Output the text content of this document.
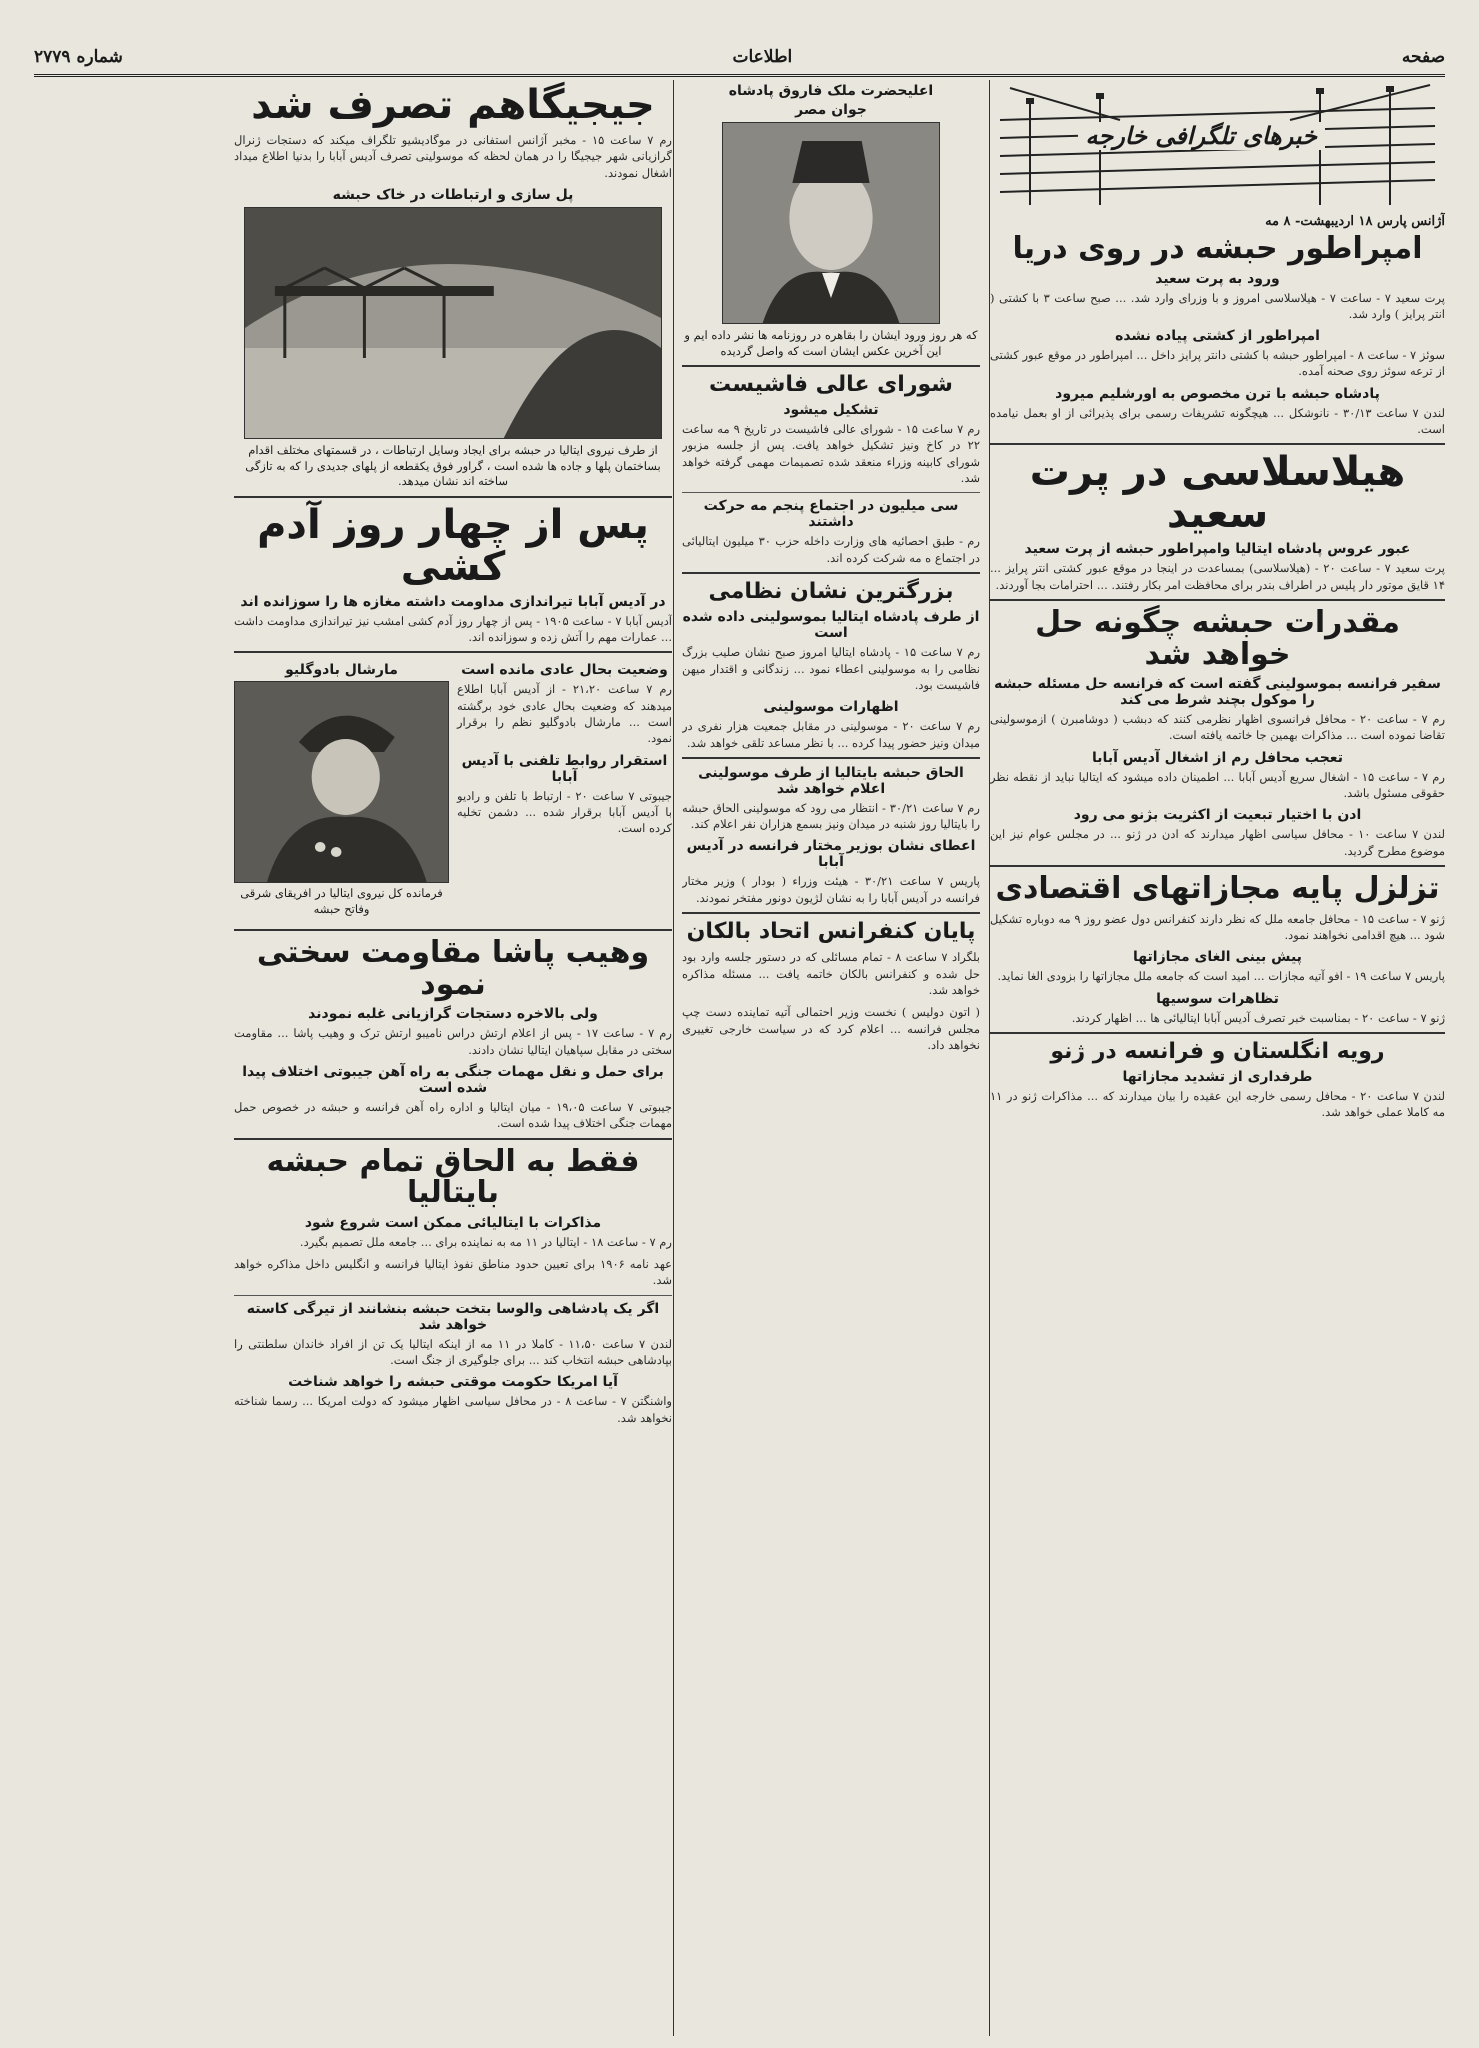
صفحه
اطلاعات
شماره ۲۷۷۹
خبرهای تلگرافی خارجه
آژانس پارس ۱۸ اردیبهشت- ۸ مه
امپراطور حبشه در روی دریا
ورود به پرت سعید
پرت سعید ۷ - ساعت ۷ - هیلاسلاسی امروز و با وزرای وارد شد. ... صبح ساعت ۳ با کشتی ( انتر پرایز ) وارد شد.
امپراطور از کشتی پیاده نشده
سوئز ۷ - ساعت ۸ - امپراطور حبشه با کشتی دانتر پرایز داخل ... امپراطور در موقع عبور کشتی از ترعه سوئز روی صحنه آمده.
پادشاه حبشه با ترن مخصوص به اورشلیم میرود
لندن ۷ ساعت ۳۰/۱۳ - نانوشکل ... هیچگونه تشریفات رسمی برای پذیرائی از او بعمل نیامده است.
هیلاسلاسی در پرت سعید
عبور عروس پادشاه ایتالیا وامپراطور حبشه از پرت سعید
پرت سعید ۷ - ساعت ۲۰ - (هیلاسلاسی) بمساعدت در اینجا در موقع عبور کشتی انتر پرایز ... ۱۴ قایق موتور دار پلیس در اطراف بندر برای محافظت امر بکار رفتند. ... احترامات بجا آوردند.
مقدرات حبشه چگونه حل خواهد شد
سفیر فرانسه بموسولینی گفته است که فرانسه حل مسئله حبشه را موکول بچند شرط می کند
رم ۷ - ساعت ۲۰ - محافل فرانسوی اظهار نظرمی کنند که دبشب ( دوشامبرن ) ازموسولینی تقاضا نموده است ... مذاکرات بهمین جا خاتمه یافته است.
تعجب محافل رم از اشغال آدیس آبابا
رم ۷ - ساعت ۱۵ - اشغال سریع آدیس آبابا ... اطمینان داده میشود که ایتالیا نباید از نقطه نظر حقوقی مسئول باشد.
ادن با اختیار تبعیت از اکثریت بژنو می رود
لندن ۷ ساعت ۱۰ - محافل سیاسی اظهار میدارند که ادن در ژنو ... در مجلس عوام نیز این موضوع مطرح گردید.
تزلزل پایه مجازاتهای اقتصادی
ژنو ۷ - ساعت ۱۵ - محافل جامعه ملل که نظر دارند کنفرانس دول عضو روز ۹ مه دوباره تشکیل شود ... هیچ اقدامی نخواهند نمود.
پیش بینی الغای مجازاتها
پاریس ۷ ساعت ۱۹ - افو آتیه مجازات ... امید است که جامعه ملل مجازاتها را بزودی الغا نماید.
تظاهرات سوسیها
ژنو ۷ - ساعت ۲۰ - بمناسبت خبر تصرف آدیس آبابا ایتالیائی ها ... اظهار کردند.
رویه انگلستان و فرانسه در ژنو
طرفداری از تشدید مجازاتها
لندن ۷ ساعت ۲۰ - محافل رسمی خارجه این عقیده را بیان میدارند که ... مذاکرات ژنو در ۱۱ مه کاملا عملی خواهد شد.
اعلیحضرت ملک فاروق پادشاه
جوان مصر
که هر روز ورود ایشان را بقاهره در روزنامه ها نشر داده ایم و این آخرین عکس ایشان است که واصل گردیده
شورای عالی فاشیست
تشکیل میشود
رم ۷ ساعت ۱۵ - شورای عالی فاشیست در تاریخ ۹ مه ساعت ۲۲ در کاخ ونیز تشکیل خواهد یافت. پس از جلسه مزبور شورای کابینه وزراء منعقد شده تصمیمات مهمی گرفته خواهد شد.
سی میلیون در اجتماع پنجم مه حرکت داشتند
رم - طبق احصائیه های وزارت داخله حزب ۳۰ میلیون ایتالیائی در اجتماع ه مه شرکت کرده اند.
بزرگترین نشان نظامی
از طرف پادشاه ایتالیا بموسولینی داده شده است
رم ۷ ساعت ۱۵ - پادشاه ایتالیا امروز صبح نشان صلیب بزرگ نظامی را به موسولینی اعطاء نمود ... زندگانی و اقتدار میهن فاشیست بود.
اظهارات موسولینی
رم ۷ ساعت ۲۰ - موسولینی در مقابل جمعیت هزار نفری در میدان ونیز حضور پیدا کرده ... با نظر مساعد تلقی خواهد شد.
الحاق حبشه بایتالیا از طرف موسولینی اعلام خواهد شد
رم ۷ ساعت ۳۰/۲۱ - انتظار می رود که موسولینی الحاق حبشه را بایتالیا روز شنبه در میدان ونیز بسمع هزاران نفر اعلام کند.
اعطای نشان بوزیر مختار فرانسه در آدیس آبابا
پاریس ۷ ساعت ۳۰/۲۱ - هیئت وزراء ( بودار ) وزیر مختار فرانسه در آدیس آبابا را به نشان لژیون دونور مفتخر نمودند.
پایان کنفرانس اتحاد بالکان
بلگراد ۷ ساعت ۸ - تمام مسائلی که در دستور جلسه وارد بود حل شده و کنفرانس بالکان خاتمه یافت ... مسئله مذاکره خواهد شد.
( اتون دولیس ) نخست وزیر احتمالی آتیه تماینده دست چپ مجلس فرانسه ... اعلام کرد که در سیاست خارجی تغییری نخواهد داد.
جیجیگاهم تصرف شد
رم ۷ ساعت ۱۵ - مخبر آژانس استفانی در موگادیشیو تلگراف میکند که دستجات ژنرال گرازیانی شهر جیجیگا را در همان لحظه که موسولینی تصرف آدیس آبابا را بدنیا اطلاع میداد اشغال نمودند.
پل سازی و ارتباطات در خاک حبشه
از طرف نیروی ایتالیا در حبشه برای ایجاد وسایل ارتباطات ، در قسمتهای مختلف اقدام بساختمان پلها و جاده ها شده است ، گراور فوق یکقطعه از پلهای جدیدی را که به تازگی ساخته اند نشان میدهد.
پس از چهار روز آدم کشی
در آدیس آبابا تیراندازی مداومت داشته مغازه ها را سوزانده اند
آدیس آبابا ۷ - ساعت ۱۹۰۵ - پس از چهار روز آدم کشی امشب نیز تیراندازی مداومت داشت ... عمارات مهم را آتش زده و سوزانده اند.
وضعیت بحال عادی مانده است
رم ۷ ساعت ۲۱،۲۰ - از آدیس آبابا اطلاع میدهند که وضعیت بحال عادی خود برگشته است ... مارشال بادوگلیو نظم را برقرار نمود.
استقرار روابط تلفنی با آدیس آبابا
جیبوتی ۷ ساعت ۲۰ - ارتباط با تلفن و رادیو با آدیس آبابا برقرار شده ... دشمن تخلیه کرده است.
مارشال بادوگلیو
فرمانده کل نیروی ایتالیا در افریقای شرقی وفاتح حبشه
وهیب پاشا مقاومت سختی نمود
ولی بالاخره دستجات گرازیانی غلبه نمودند
رم ۷ - ساعت ۱۷ - پس از اعلام ارتش دراس نامیبو ارتش ترک و وهیب پاشا ... مقاومت سختی در مقابل سپاهیان ایتالیا نشان دادند.
برای حمل و نقل مهمات جنگی به راه آهن جیبوتی اختلاف پیدا شده است
جیبوتی ۷ ساعت ۱۹،۰۵ - میان ایتالیا و اداره راه آهن فرانسه و حبشه در خصوص حمل مهمات جنگی اختلاف پیدا شده است.
فقط به الحاق تمام حبشه بایتالیا
مذاکرات با ایتالیائی ممکن است شروع شود
رم ۷ - ساعت ۱۸ - ایتالیا در ۱۱ مه به نماینده برای ... جامعه ملل تصمیم بگیرد.
عهد نامه ۱۹۰۶ برای تعیین حدود مناطق نفوذ ایتالیا فرانسه و انگلیس داخل مذاکره خواهد شد.
اگر یک پادشاهی والوسا بتخت حبشه بنشانند از تیرگی کاسته خواهد شد
لندن ۷ ساعت ۱۱،۵۰ - کاملا در ۱۱ مه از اینکه ایتالیا یک تن از افراد خاندان سلطنتی را بپادشاهی حبشه انتخاب کند ... برای جلوگیری از جنگ است.
آیا امریکا حکومت موقتی حبشه را خواهد شناخت
واشنگتن ۷ - ساعت ۸ - در محافل سیاسی اظهار میشود که دولت امریکا ... رسما شناخته نخواهد شد.
